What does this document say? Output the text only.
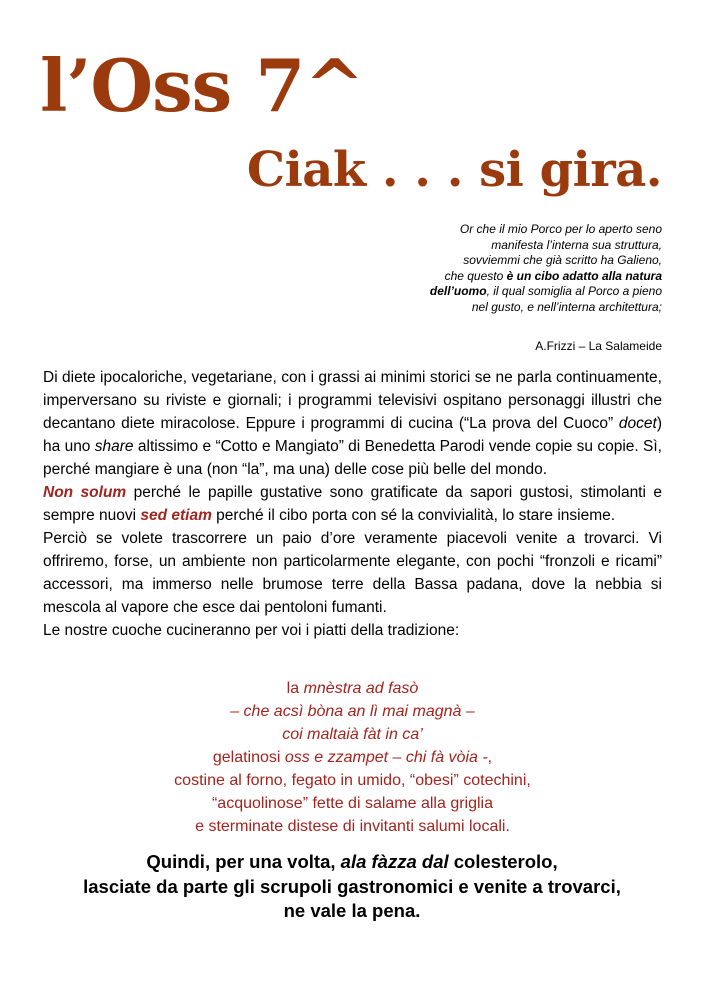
l’Oss 7^
Ciak . . . si gira.
Or che il mio Porco per lo aperto seno
manifesta l’interna sua struttura,
sovviemmi che già scritto ha Galieno,
che questo è un cibo adatto alla natura
dell’uomo, il qual somiglia al Porco a pieno
nel gusto, e nell’interna architettura;
A.Frizzi – La Salameide

Di diete ipocaloriche, vegetariane, con i grassi ai minimi storici se ne parla continuamente, imperversano su riviste e giornali; i programmi televisivi ospitano personaggi illustri che decantano diete miracolose. Eppure i programmi di cucina (“La prova del Cuoco” docet) ha uno share altissimo e “Cotto e Mangiato” di Benedetta Parodi vende copie su copie. Sì, perché mangiare è una (non “la”, ma una) delle cose più belle del mondo.

Non solum perché le papille gustative sono gratificate da sapori gustosi, stimolanti e sempre nuovi sed etiam perché il cibo porta con sé la convivialità, lo stare insieme.

Perciò se volete trascorrere un paio d’ore veramente piacevoli venite a trovarci. Vi offriremo, forse, un ambiente non particolarmente elegante, con pochi “fronzoli e ricami” accessori, ma immerso nelle brumose terre della Bassa padana, dove la nebbia si mescola al vapore che esce dai pentoloni fumanti.

Le nostre cuoche cucineranno per voi i piatti della tradizione:

la mnèstra ad fasò
– che acsì bòna an lì mai magnà –
coi maltaià fàt in ca’
gelatinosi oss e zzampet – chi fà vòia -,
costine al forno, fegato in umido, “obesi” cotechini,
“acquolinose” fette di salame alla griglia
e sterminate distese di invitanti salumi locali.
Quindi, per una volta, ala fàzza dal colesterolo,
lasciate da parte gli scrupoli gastronomici e venite a trovarci,
ne vale la pena.
